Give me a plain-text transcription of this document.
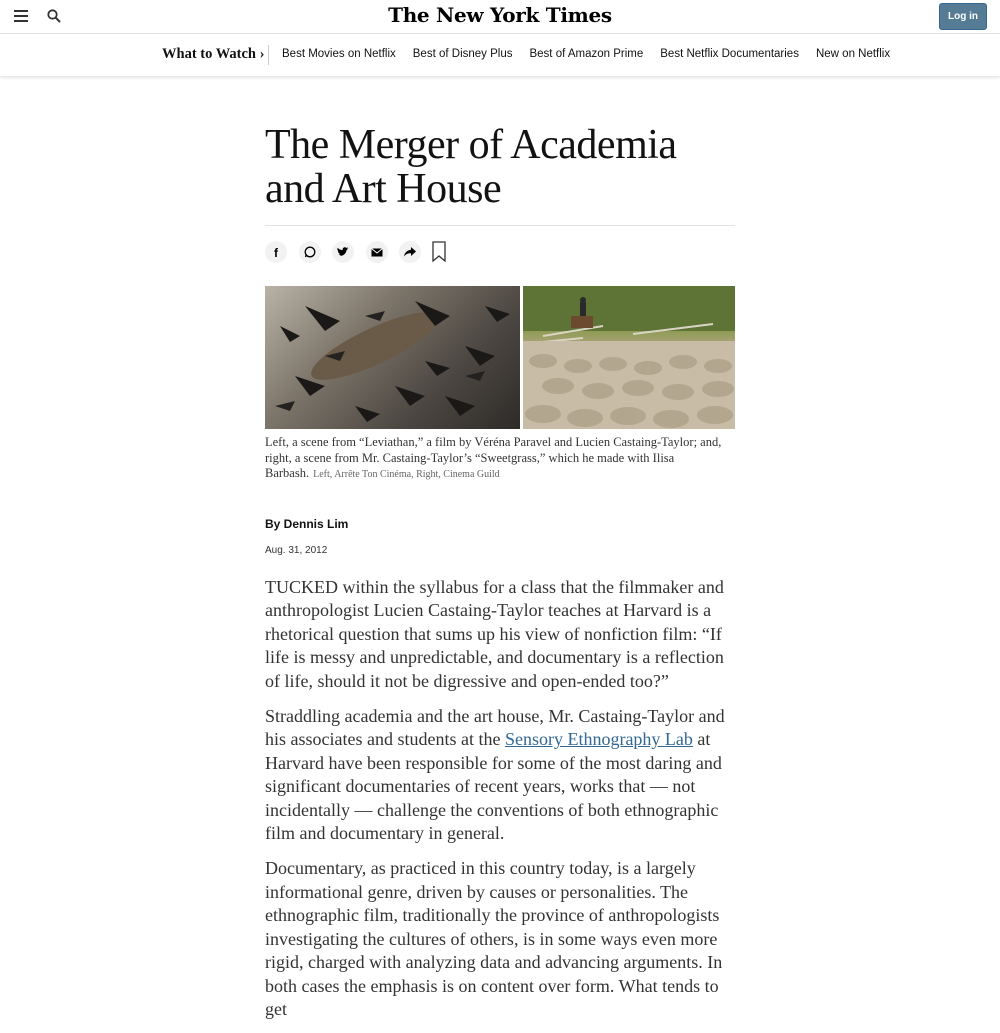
The New York Times	Log in
What to Watch › Best Movies on Netflix Best of Disney Plus Best of Amazon Prime Best Netflix Documentaries New on Netflix
The Merger of Academia and Art House
f
Left, a scene from “Leviathan,” a film by Véréna Paravel and Lucien Castaing-Taylor; and, right, a scene from Mr. Castaing-Taylor’s “Sweetgrass,” which he made with Ilisa Barbash. Left, Arrête Ton Cinéma, Right, Cinema Guild
By Dennis Lim
Aug. 31, 2012

TUCKED within the syllabus for a class that the filmmaker and anthropologist Lucien Castaing-Taylor teaches at Harvard is a rhetorical question that sums up his view of nonfiction film: “If life is messy and unpredictable, and documentary is a reflection of life, should it not be digressive and open-ended too?”

Straddling academia and the art house, Mr. Castaing-Taylor and his associates and students at the Sensory Ethnography Lab at Harvard have been responsible for some of the most daring and significant documentaries of recent years, works that — not incidentally — challenge the conventions of both ethnographic film and documentary in general.

Documentary, as practiced in this country today, is a largely informational genre, driven by causes or personalities. The ethnographic film, traditionally the province of anthropologists investigating the cultures of others, is in some ways even more rigid, charged with analyzing data and advancing arguments. In both cases the emphasis is on content over form. What tends to get
